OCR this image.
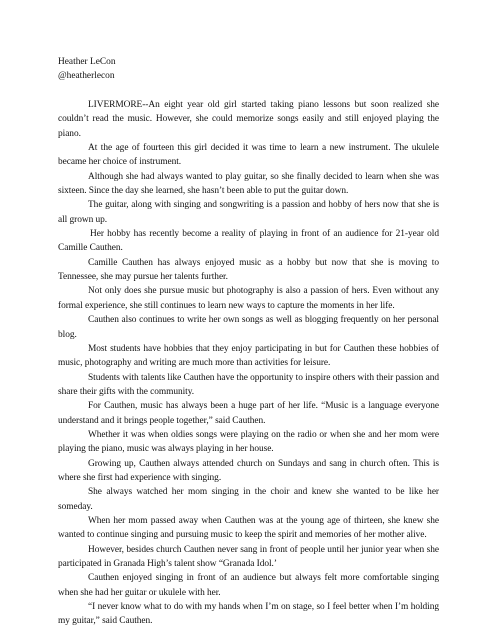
Heather LeCon
@heatherlecon

LIVERMORE--An eight year old girl started taking piano lessons but soon realized she couldn’t read the music. However, she could memorize songs easily and still enjoyed playing the piano.

At the age of fourteen this girl decided it was time to learn a new instrument. The ukulele became her choice of instrument.

Although she had always wanted to play guitar, so she finally decided to learn when she was sixteen. Since the day she learned, she hasn’t been able to put the guitar down.

The guitar, along with singing and songwriting is a passion and hobby of hers now that she is all grown up.

Her hobby has recently become a reality of playing in front of an audience for 21-year old Camille Cauthen.

Camille Cauthen has always enjoyed music as a hobby but now that she is moving to Tennessee, she may pursue her talents further.

Not only does she pursue music but photography is also a passion of hers. Even without any formal experience, she still continues to learn new ways to capture the moments in her life.

Cauthen also continues to write her own songs as well as blogging frequently on her personal blog.

Most students have hobbies that they enjoy participating in but for Cauthen these hobbies of music, photography and writing are much more than activities for leisure.

Students with talents like Cauthen have the opportunity to inspire others with their passion and share their gifts with the community.

For Cauthen, music has always been a huge part of her life. “Music is a language everyone understand and it brings people together,” said Cauthen.

Whether it was when oldies songs were playing on the radio or when she and her mom were playing the piano, music was always playing in her house.

Growing up, Cauthen always attended church on Sundays and sang in church often. This is where she first had experience with singing.

She always watched her mom singing in the choir and knew she wanted to be like her someday.

When her mom passed away when Cauthen was at the young age of thirteen, she knew she wanted to continue singing and pursuing music to keep the spirit and memories of her mother alive.

However, besides church Cauthen never sang in front of people until her junior year when she participated in Granada High’s talent show “Granada Idol.’

Cauthen enjoyed singing in front of an audience but always felt more comfortable singing when she had her guitar or ukulele with her.

“I never know what to do with my hands when I’m on stage, so I feel better when I’m holding my guitar,” said Cauthen.
